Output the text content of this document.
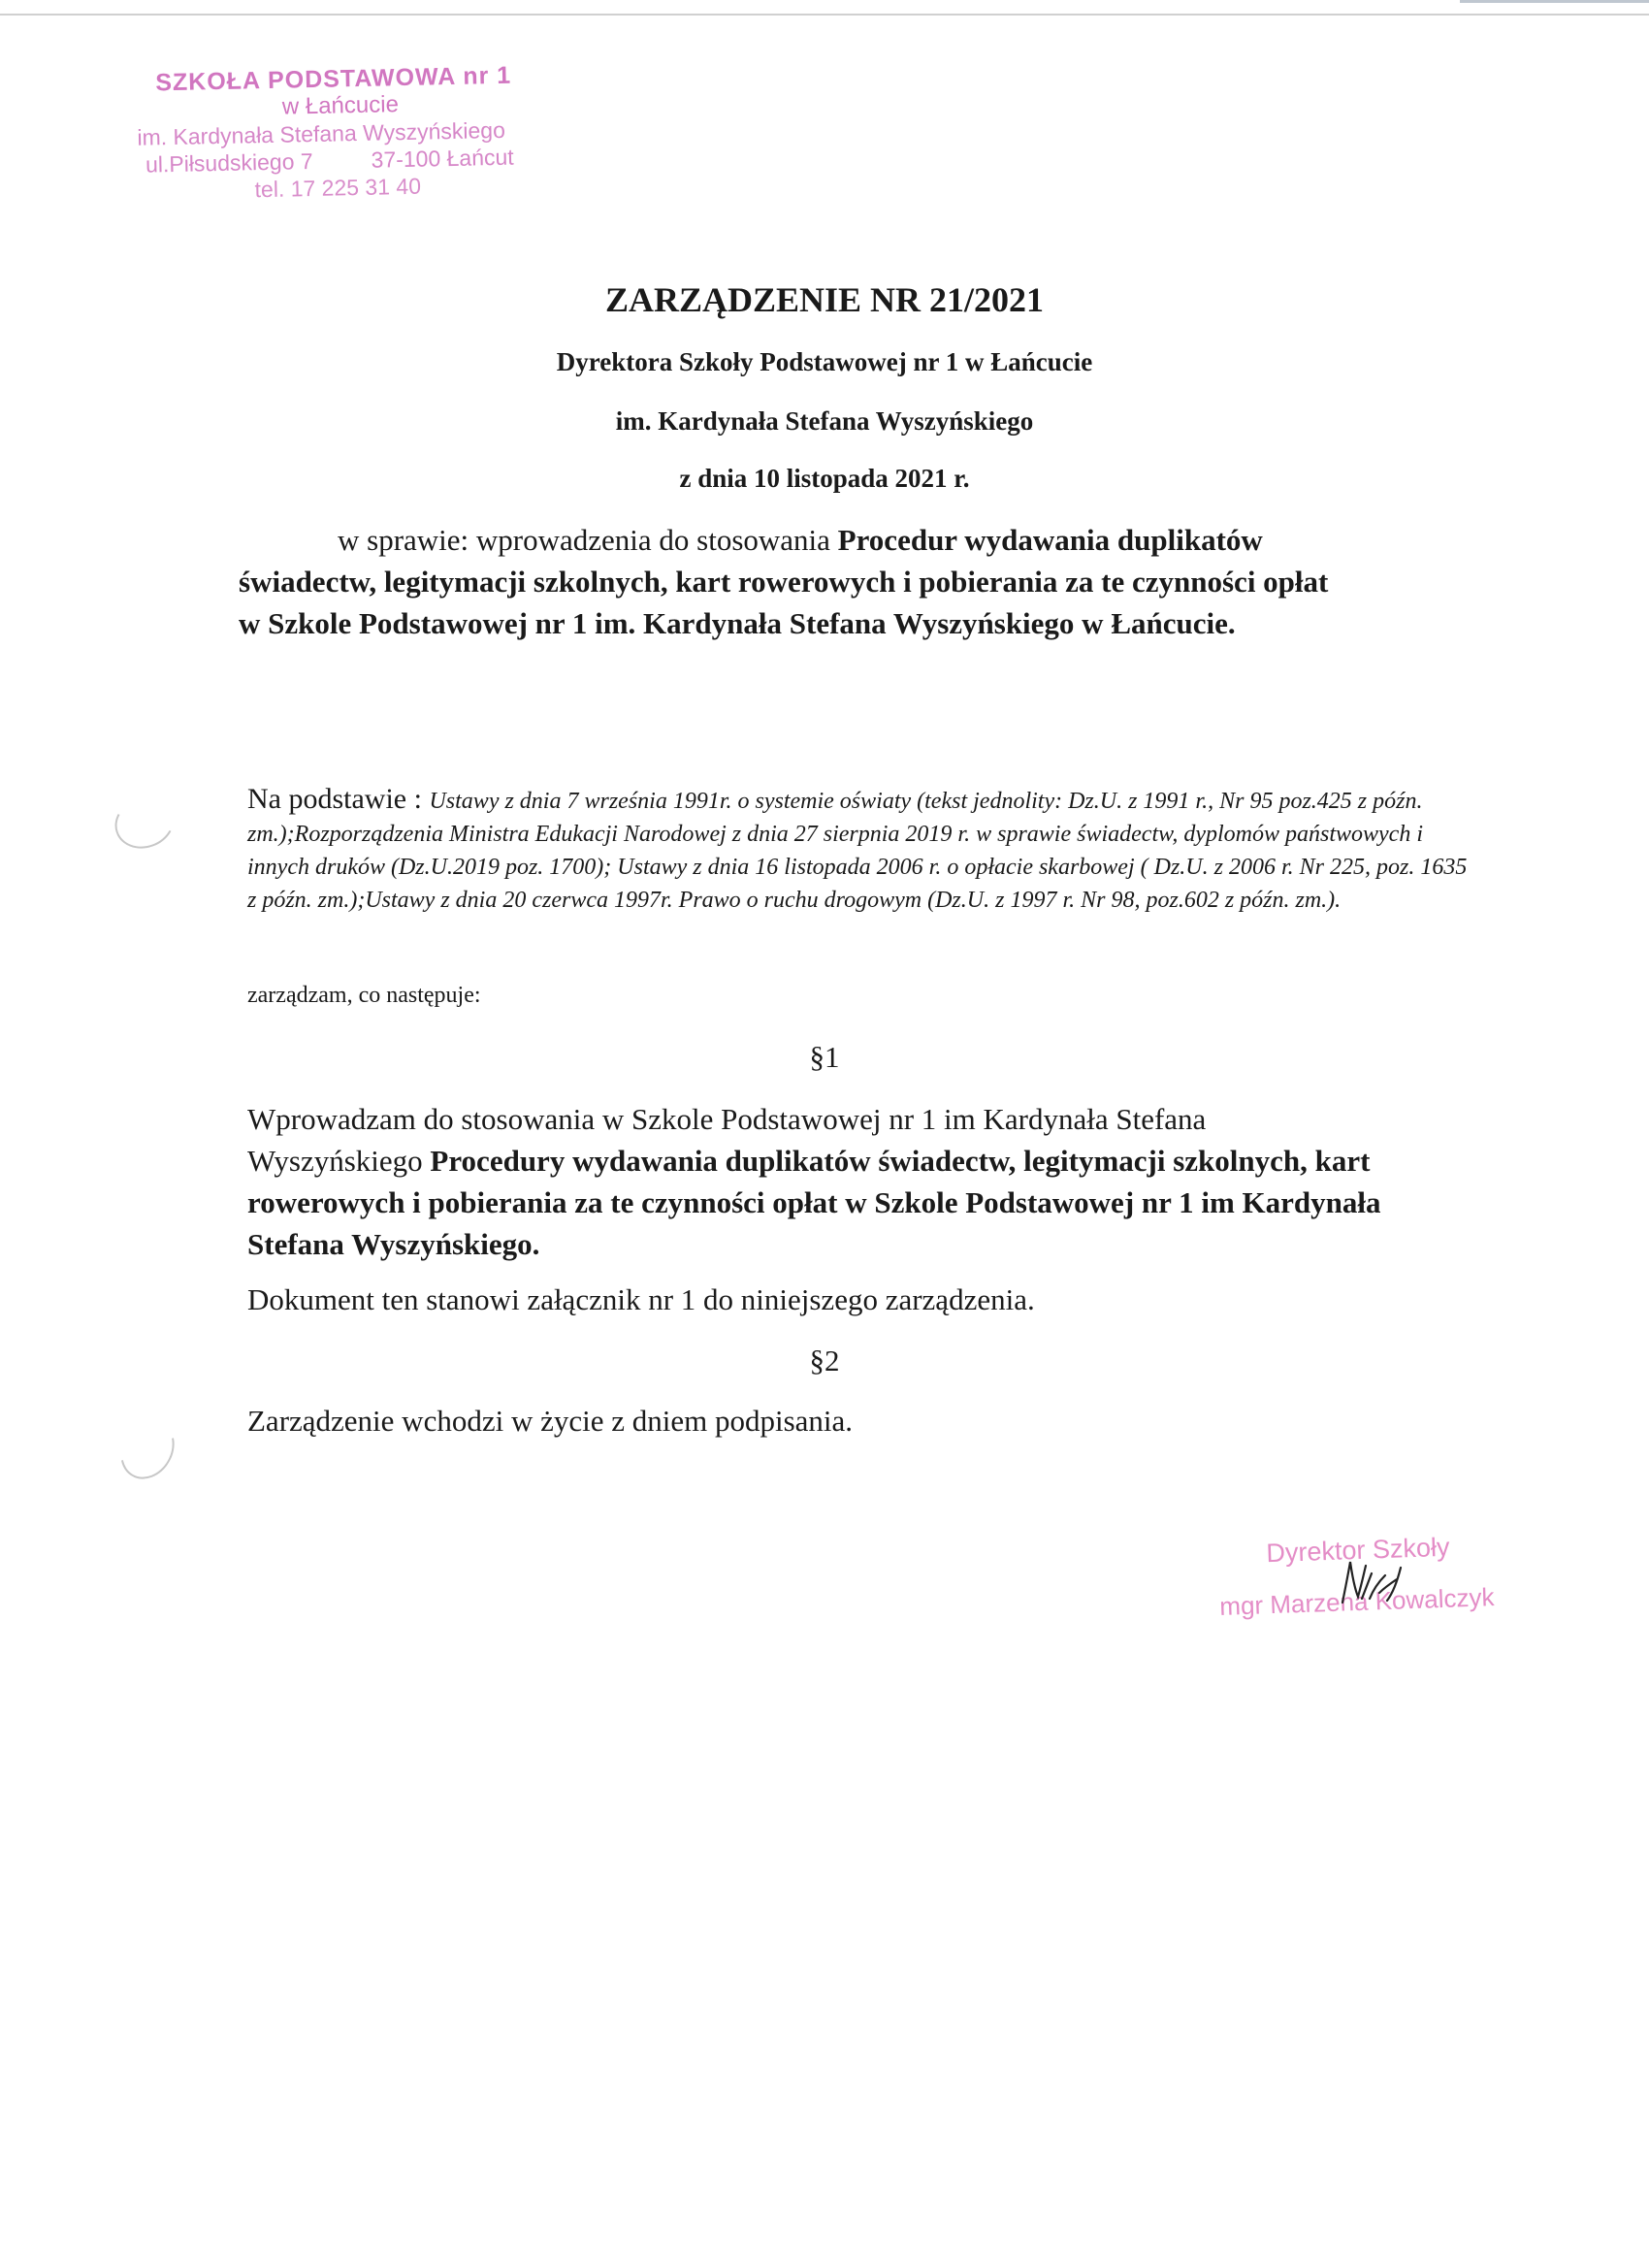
SZKOŁA PODSTAWOWA nr 1
w Łańcucie
im. Kardynała Stefana Wyszyńskiego
ul.Piłsudskiego 7	37-100 Łańcut
tel. 17 225 31 40
ZARZĄDZENIE NR 21/2021
Dyrektora Szkoły Podstawowej nr 1 w Łańcucie
im. Kardynała Stefana Wyszyńskiego
z dnia 10 listopada 2021 r.
w sprawie: wprowadzenia do stosowania Procedur wydawania duplikatów
świadectw, legitymacji szkolnych, kart rowerowych i pobierania za te czynności opłat
w Szkole Podstawowej nr 1 im. Kardynała Stefana Wyszyńskiego w Łańcucie.
Na podstawie : Ustawy z dnia 7 września 1991r. o systemie oświaty (tekst jednolity: Dz.U. z 1991 r., Nr 95 poz.425 z późn. zm.);Rozporządzenia Ministra Edukacji Narodowej z dnia 27 sierpnia 2019 r. w sprawie świadectw, dyplomów państwowych i innych druków (Dz.U.2019 poz. 1700); Ustawy z dnia 16 listopada 2006 r. o opłacie skarbowej ( Dz.U. z 2006 r. Nr 225, poz. 1635 z późn. zm.);Ustawy z dnia 20 czerwca 1997r. Prawo o ruchu drogowym (Dz.U. z 1997 r. Nr 98, poz.602 z późn. zm.).
zarządzam, co następuje:
§1
Wprowadzam do stosowania w Szkole Podstawowej nr 1 im Kardynała Stefana
Wyszyńskiego Procedury wydawania duplikatów świadectw, legitymacji szkolnych, kart rowerowych i pobierania za te czynności opłat w Szkole Podstawowej nr 1 im Kardynała Stefana Wyszyńskiego.
Dokument ten stanowi załącznik nr 1 do niniejszego zarządzenia.
§2
Zarządzenie wchodzi w życie z dniem podpisania.
Dyrektor Szkoły
mgr Marzena Kowalczyk
